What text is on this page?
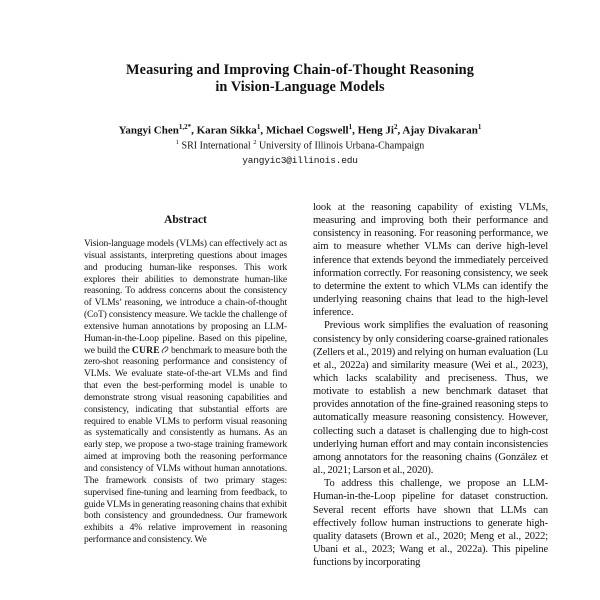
Measuring and Improving Chain-of-Thought Reasoning
in Vision-Language Models
Yangyi Chen$^{1,2*}$, Karan Sikka$^1$, Michael Cogswell$^1$, Heng Ji$^2$, Ajay Divakaran$^1$
$^1$ SRI International $^2$ University of Illinois Urbana-Champaign
yangyic3@illinois.edu
Abstract
Vision-language models (VLMs) can effectively act as visual assistants, interpreting questions about images and producing human-like responses. This work explores their abilities to demonstrate human-like reasoning. To address concerns about the consistency of VLMs’ reasoning, we introduce a chain-of-thought (CoT) consistency measure. We tackle the challenge of extensive human annotations by proposing an LLM-Human-in-the-Loop pipeline. Based on this pipeline, we build the CURE benchmark to measure both the zero-shot reasoning performance and consistency of VLMs. We evaluate state-of-the-art VLMs and find that even the best-performing model is unable to demonstrate strong visual reasoning capabilities and consistency, indicating that substantial efforts are required to enable VLMs to perform visual reasoning as systematically and consistently as humans. As an early step, we propose a two-stage training framework aimed at improving both the reasoning performance and consistency of VLMs without human annotations. The framework consists of two primary stages: supervised fine-tuning and learning from feedback, to guide VLMs in generating reasoning chains that exhibit both consistency and groundedness. Our framework exhibits a 4% relative improvement in reasoning performance and consistency. We

look at the reasoning capability of existing VLMs, measuring and improving both their performance and consistency in reasoning. For reasoning performance, we aim to measure whether VLMs can derive high-level inference that extends beyond the immediately perceived information correctly. For reasoning consistency, we seek to determine the extent to which VLMs can identify the underlying reasoning chains that lead to the high-level inference.

Previous work simplifies the evaluation of reasoning consistency by only considering coarse-grained rationales (Zellers et al., 2019) and relying on human evaluation (Lu et al., 2022a) and similarity measure (Wei et al., 2023), which lacks scalability and preciseness. Thus, we motivate to establish a new benchmark dataset that provides annotation of the fine-grained reasoning steps to automatically measure reasoning consistency. However, collecting such a dataset is challenging due to high-cost underlying human effort and may contain inconsistencies among annotators for the reasoning chains (González et al., 2021; Larson et al., 2020).

To address this challenge, we propose an LLM-Human-in-the-Loop pipeline for dataset construction. Several recent efforts have shown that LLMs can effectively follow human instructions to generate high-quality datasets (Brown et al., 2020; Meng et al., 2022; Ubani et al., 2023; Wang et al., 2022a). This pipeline functions by incorporating
